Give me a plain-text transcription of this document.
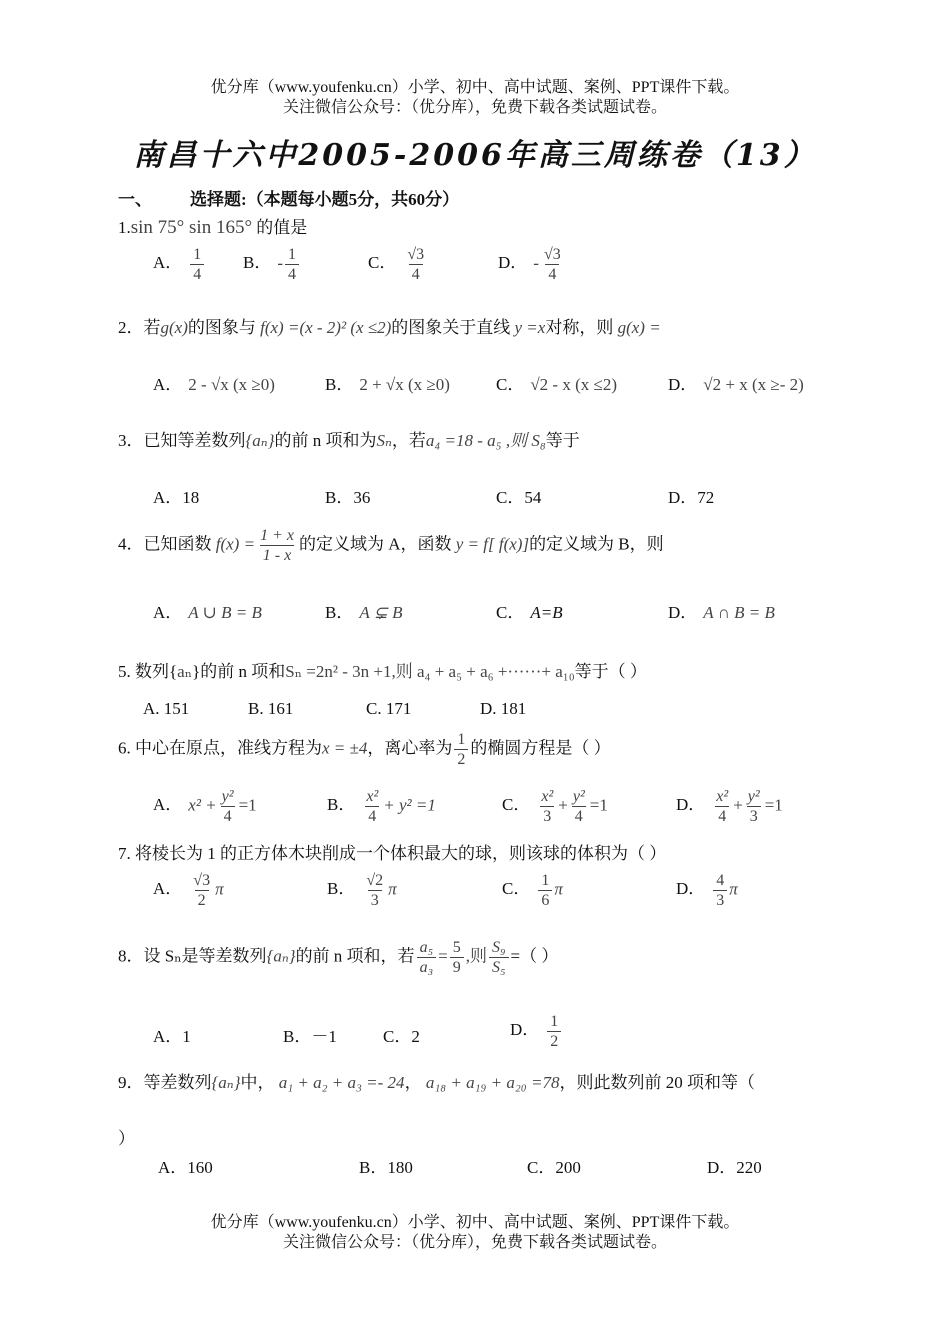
优分库（www.youfenku.cn）小学、初中、高中试题、案例、PPT课件下载。
关注微信公众号：（优分库），免费下载各类试题试卷。
南昌十六中2005-2006年高三周练卷（13）
一、 选择题:（本题每小题5分，共60分）
1.sin 75° sin 165° 的值是
A． $\frac{1}{4}$ B． - $\frac{1}{4}$	C． $\frac{√3}{4}$	D． - $\frac{√3}{4}$
2．若g(x)的图象与 f(x) =(x - 2)² (x ≤2)的图象关于直线 y =x对称，则 g(x) =
A． 2 - √x (x ≥0)	B． 2 + √x (x ≥0)	C． √2 - x (x ≤2)	D． √2 + x (x ≥- 2)
3．已知等差数列{aₙ}的前 n 项和为Sₙ，若a₄ =18 - a₅ ,则 S₈等于
A．18	B．36	C．54	D．72
4．已知函数 $f(x) = \frac{1 + x}{1 - x}$ 的定义域为 A，函数 y = f[ f(x)]的定义域为 B，则
A． A ∪ B = B	B． A ⊊ B	C． A=B	D． A ∩ B = B
5. 数列{aₙ}的前 n 项和Sₙ =2n² - 3n +1,则 a₄ + a₅ + a₆ +······+ a₁₀等于（ ）
A. 151	B. 161	C. 171	D. 181
6. 中心在原点，准线方程为x = ±4，离心率为 $\frac{1}{2}$ 的椭圆方程是（ ）
A． $x^2 + \frac{\text{y²}}{4} =1$	B． $\frac{\text{x²}}{4} + y^2 =1$	C． $\frac{\text{x²}}{3} + \frac{\text{y²}}{4} =1$	D． $\frac{\text{x²}}{4} + \frac{\text{y²}}{3} =1$
7. 将棱长为 1 的正方体木块削成一个体积最大的球，则该球的体积为（ ）
A． $\frac{√3}{2}$ π	B． $\frac{√2}{3}$ π	C． $\frac{1}{6}$ π	D． $\frac{4}{3}$ π
8．设 Sₙ是等差数列{aₙ}的前 n 项和，若 $\frac{\text{a₅}}{\text{a₃}} = \frac{5}{9}$ ,则 $\frac{\text{S₉}}{\text{S₅}}$ =（ ）
A．1	B．－1	C．2	D． $\frac{1}{2}$
9．等差数列{aₙ}中， a₁ + a₂ + a₃ =- 24， a₁₈ + a₁₉ + a₂₀ =78，则此数列前 20 项和等（
）
A．160	B．180	C．200	D．220
优分库（www.youfenku.cn）小学、初中、高中试题、案例、PPT课件下载。
关注微信公众号：（优分库），免费下载各类试题试卷。
